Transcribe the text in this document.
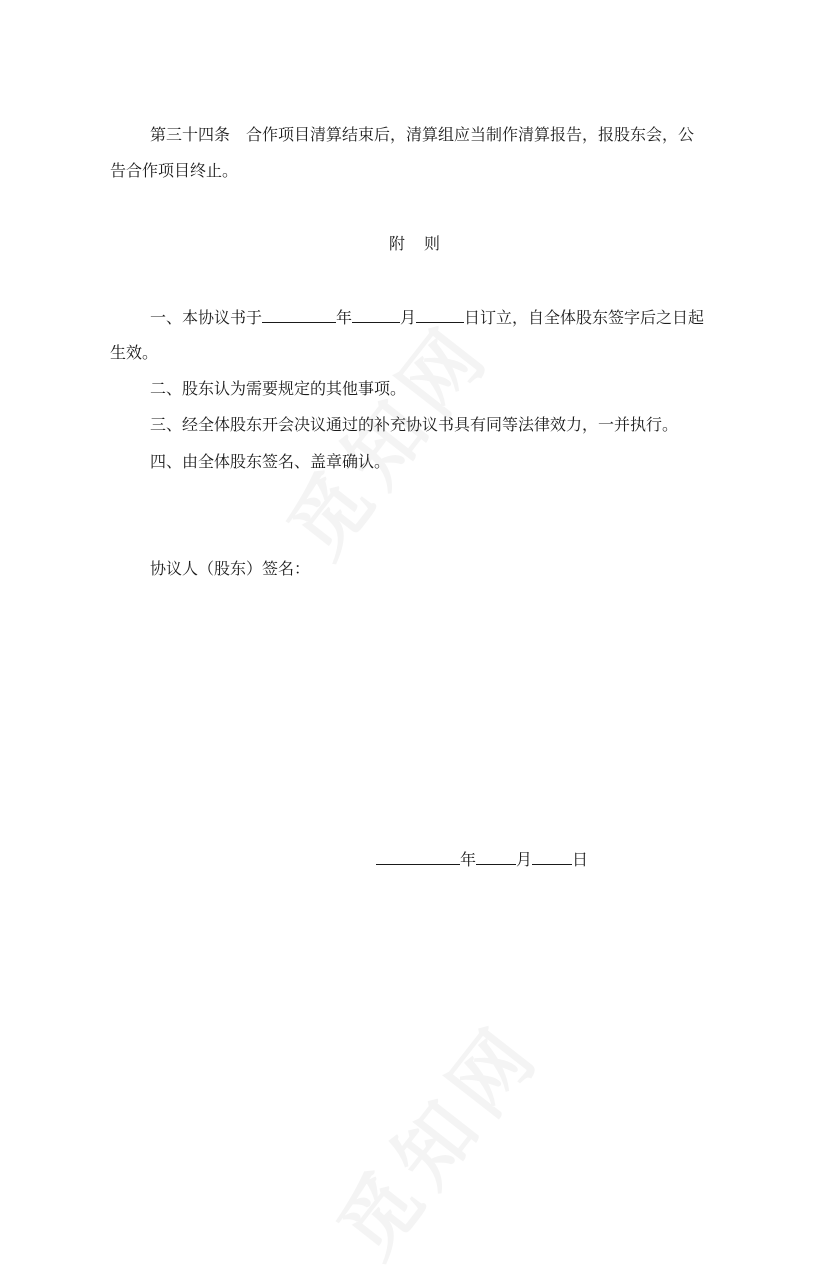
第三十四条　合作项目清算结束后，清算组应当制作清算报告，报股东会，公
告合作项目终止。
附 则
一、本协议书于	年	月	日订立，自全体股东签字后之日起
生效。
二、股东认为需要规定的其他事项。
三、经全体股东开会决议通过的补充协议书具有同等法律效力，一并执行。
四、由全体股东签名、盖章确认。
协议人（股东）签名：
年	月	日
